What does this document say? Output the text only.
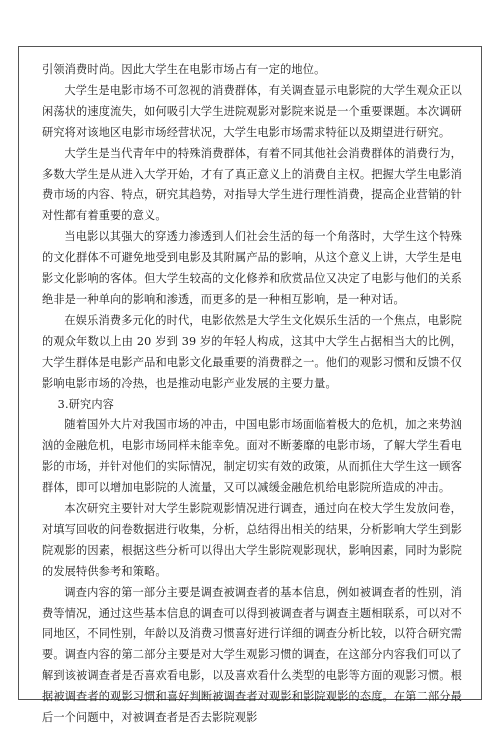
引领消费时尚。因此大学生在电影市场占有一定的地位。

大学生是电影市场不可忽视的消费群体，有关调查显示电影院的大学生观众正以闲荡状的速度流失，如何吸引大学生进院观影对影院来说是一个重要课题。本次调研研究将对该地区电影市场经营状况，大学生电影市场需求特征以及期望进行研究。

大学生是当代青年中的特殊消费群体，有着不同其他社会消费群体的消费行为，多数大学生是从进入大学开始，才有了真正意义上的消费自主权。把握大学生电影消费市场的内容、特点，研究其趋势，对指导大学生进行理性消费，提高企业营销的针对性都有着重要的意义。

当电影以其强大的穿透力渗透到人们社会生活的每一个角落时，大学生这个特殊的文化群体不可避免地受到电影及其附属产品的影响，从这个意义上讲，大学生是电影文化影响的客体。但大学生较高的文化修养和欣赏品位又决定了电影与他们的关系绝非是一种单向的影响和渗透，而更多的是一种相互影响，是一种对话。

在娱乐消费多元化的时代，电影依然是大学生文化娱乐生活的一个焦点，电影院的观众年数以上由 20 岁到 39 岁的年轻人构成，这其中大学生占据相当大的比例，大学生群体是电影产品和电影文化最重要的消费群之一。他们的观影习惯和反馈不仅影响电影市场的冷热，也是推动电影产业发展的主要力量。

3.研究内容

随着国外大片对我国市场的冲击，中国电影市场面临着极大的危机，加之来势汹汹的金融危机，电影市场同样未能幸免。面对不断萎靡的电影市场，了解大学生看电影的市场，并针对他们的实际情况，制定切实有效的政策，从而抓住大学生这一顾客群体，即可以增加电影院的人流量，又可以减缓金融危机给电影院所造成的冲击。

本次研究主要针对大学生影院观影情况进行调查，通过向在校大学生发放问卷，对填写回收的问卷数据进行收集，分析，总结得出相关的结果，分析影响大学生到影院观影的因素，根据这些分析可以得出大学生影院观影现状，影响因素，同时为影院的发展特供参考和策略。

调查内容的第一部分主要是调查被调查者的基本信息，例如被调查者的性别，消费等情况，通过这些基本信息的调查可以得到被调查者与调查主题相联系，可以对不同地区，不同性别，年龄以及消费习惯喜好进行详细的调查分析比较，以符合研究需要。调查内容的第二部分主要是对大学生观影习惯的调查，在这部分内容我们可以了解到该被调查者是否喜欢看电影，以及喜欢看什么类型的电影等方面的观影习惯。根据被调查者的观影习惯和喜好判断被调查者对观影和影院观影的态度。在第二部分最后一个问题中，对被调查者是否去影院观影
